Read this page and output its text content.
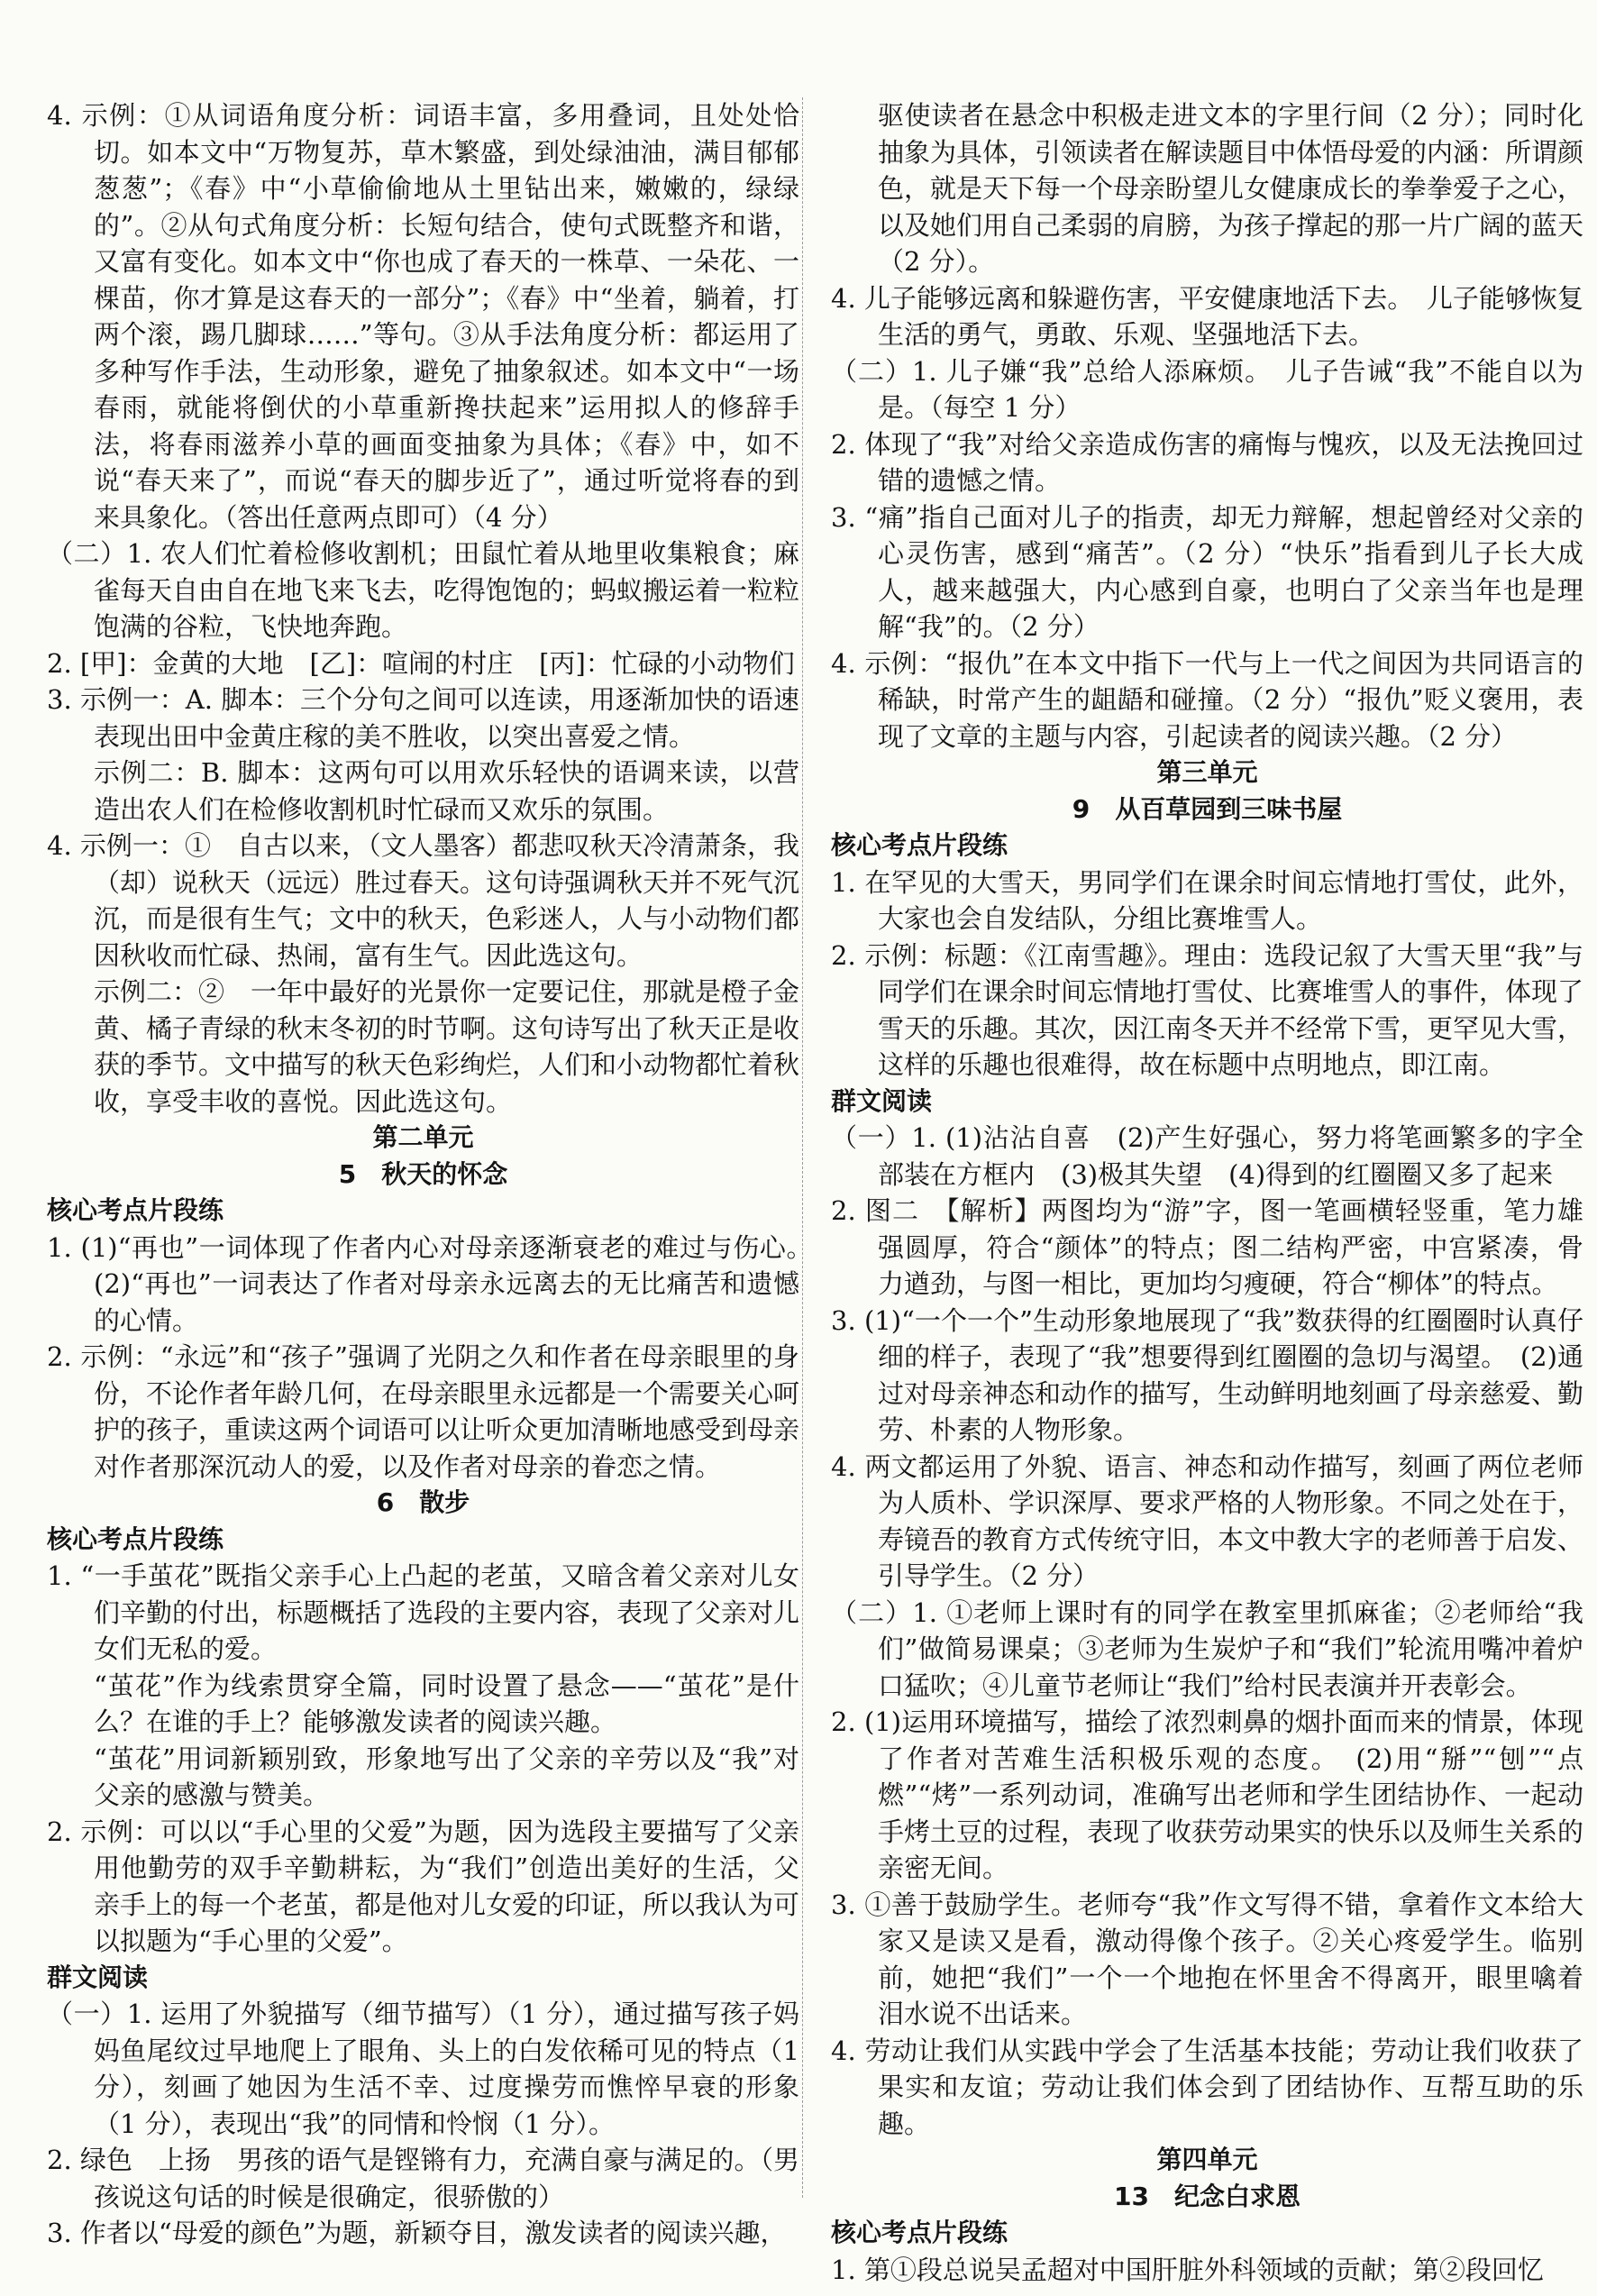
4. 示例：①从词语角度分析：词语丰富，多用叠词，且处处恰切。如本文中“万物复苏，草木繁盛，到处绿油油，满目郁郁葱葱”；《春》中“小草偷偷地从土里钻出来，嫩嫩的，绿绿的”。②从句式角度分析：长短句结合，使句式既整齐和谐，又富有变化。如本文中“你也成了春天的一株草、一朵花、一棵苗，你才算是这春天的一部分”；《春》中“坐着，躺着，打两个滚，踢几脚球……”等句。③从手法角度分析：都运用了多种写作手法，生动形象，避免了抽象叙述。如本文中“一场春雨，就能将倒伏的小草重新搀扶起来”运用拟人的修辞手法，将春雨滋养小草的画面变抽象为具体；《春》中，如不说“春天来了”，而说“春天的脚步近了”，通过听觉将春的到来具象化。（答出任意两点即可）（4 分）

（二）1. 农人们忙着检修收割机；田鼠忙着从地里收集粮食；麻雀每天自由自在地飞来飞去，吃得饱饱的；蚂蚁搬运着一粒粒饱满的谷粒，飞快地奔跑。

2. [甲]：金黄的大地　[乙]：喧闹的村庄　[丙]：忙碌的小动物们

3. 示例一：A. 脚本：三个分句之间可以连读，用逐渐加快的语速表现出田中金黄庄稼的美不胜收，以突出喜爱之情。

示例二：B. 脚本：这两句可以用欢乐轻快的语调来读，以营造出农人们在检修收割机时忙碌而又欢乐的氛围。

4. 示例一：①　自古以来，（文人墨客）都悲叹秋天冷清萧条，我（却）说秋天（远远）胜过春天。这句诗强调秋天并不死气沉沉，而是很有生气；文中的秋天，色彩迷人，人与小动物们都因秋收而忙碌、热闹，富有生气。因此选这句。

示例二：②　一年中最好的光景你一定要记住，那就是橙子金黄、橘子青绿的秋末冬初的时节啊。这句诗写出了秋天正是收获的季节。文中描写的秋天色彩绚烂，人们和小动物都忙着秋收，享受丰收的喜悦。因此选这句。

第二单元

5　秋天的怀念

核心考点片段练

1. (1)“再也”一词体现了作者内心对母亲逐渐衰老的难过与伤心。　(2)“再也”一词表达了作者对母亲永远离去的无比痛苦和遗憾的心情。

2. 示例：“永远”和“孩子”强调了光阴之久和作者在母亲眼里的身份，不论作者年龄几何，在母亲眼里永远都是一个需要关心呵护的孩子，重读这两个词语可以让听众更加清晰地感受到母亲对作者那深沉动人的爱，以及作者对母亲的眷恋之情。

6　散步

核心考点片段练

1. “一手茧花”既指父亲手心上凸起的老茧，又暗含着父亲对儿女们辛勤的付出，标题概括了选段的主要内容，表现了父亲对儿女们无私的爱。

“茧花”作为线索贯穿全篇，同时设置了悬念——“茧花”是什么？在谁的手上？能够激发读者的阅读兴趣。

“茧花”用词新颖别致，形象地写出了父亲的辛劳以及“我”对父亲的感激与赞美。

2. 示例：可以以“手心里的父爱”为题，因为选段主要描写了父亲用他勤劳的双手辛勤耕耘，为“我们”创造出美好的生活，父亲手上的每一个老茧，都是他对儿女爱的印证，所以我认为可以拟题为“手心里的父爱”。

群文阅读

（一）1. 运用了外貌描写（细节描写）（1 分），通过描写孩子妈妈鱼尾纹过早地爬上了眼角、头上的白发依稀可见的特点（1 分），刻画了她因为生活不幸、过度操劳而憔悴早衰的形象（1 分），表现出“我”的同情和怜悯（1 分）。

2. 绿色　上扬　男孩的语气是铿锵有力，充满自豪与满足的。（男孩说这句话的时候是很确定，很骄傲的）

3. 作者以“母爱的颜色”为题，新颖夺目，激发读者的阅读兴趣，

驱使读者在悬念中积极走进文本的字里行间（2 分）；同时化抽象为具体，引领读者在解读题目中体悟母爱的内涵：所谓颜色，就是天下每一个母亲盼望儿女健康成长的拳拳爱子之心，以及她们用自己柔弱的肩膀，为孩子撑起的那一片广阔的蓝天（2 分）。

4. 儿子能够远离和躲避伤害，平安健康地活下去。　儿子能够恢复生活的勇气，勇敢、乐观、坚强地活下去。

（二）1. 儿子嫌“我”总给人添麻烦。　儿子告诫“我”不能自以为是。（每空 1 分）

2. 体现了“我”对给父亲造成伤害的痛悔与愧疚，以及无法挽回过错的遗憾之情。

3. “痛”指自己面对儿子的指责，却无力辩解，想起曾经对父亲的心灵伤害，感到“痛苦”。（2 分）“快乐”指看到儿子长大成人，越来越强大，内心感到自豪，也明白了父亲当年也是理解“我”的。（2 分）

4. 示例：“报仇”在本文中指下一代与上一代之间因为共同语言的稀缺，时常产生的龃龉和碰撞。（2 分）“报仇”贬义褒用，表现了文章的主题与内容，引起读者的阅读兴趣。（2 分）

第三单元

9　从百草园到三味书屋

核心考点片段练

1. 在罕见的大雪天，男同学们在课余时间忘情地打雪仗，此外，大家也会自发结队，分组比赛堆雪人。

2. 示例：标题：《江南雪趣》。理由：选段记叙了大雪天里“我”与同学们在课余时间忘情地打雪仗、比赛堆雪人的事件，体现了雪天的乐趣。其次，因江南冬天并不经常下雪，更罕见大雪，这样的乐趣也很难得，故在标题中点明地点，即江南。

群文阅读

（一）1. (1)沾沾自喜　(2)产生好强心，努力将笔画繁多的字全部装在方框内　(3)极其失望　(4)得到的红圈圈又多了起来

2. 图二　【解析】两图均为“游”字，图一笔画横轻竖重，笔力雄强圆厚，符合“颜体”的特点；图二结构严密，中宫紧凑，骨力遒劲，与图一相比，更加均匀瘦硬，符合“柳体”的特点。

3. (1)“一个一个”生动形象地展现了“我”数获得的红圈圈时认真仔细的样子，表现了“我”想要得到红圈圈的急切与渴望。　(2)通过对母亲神态和动作的描写，生动鲜明地刻画了母亲慈爱、勤劳、朴素的人物形象。

4. 两文都运用了外貌、语言、神态和动作描写，刻画了两位老师为人质朴、学识深厚、要求严格的人物形象。不同之处在于，寿镜吾的教育方式传统守旧，本文中教大字的老师善于启发、引导学生。（2 分）

（二）1. ①老师上课时有的同学在教室里抓麻雀；②老师给“我们”做简易课桌；③老师为生炭炉子和“我们”轮流用嘴冲着炉口猛吹；④儿童节老师让“我们”给村民表演并开表彰会。

2. (1)运用环境描写，描绘了浓烈刺鼻的烟扑面而来的情景，体现了作者对苦难生活积极乐观的态度。　(2)用“掰”“刨”“点燃”“烤”一系列动词，准确写出老师和学生团结协作、一起动手烤土豆的过程，表现了收获劳动果实的快乐以及师生关系的亲密无间。

3. ①善于鼓励学生。老师夸“我”作文写得不错，拿着作文本给大家又是读又是看，激动得像个孩子。②关心疼爱学生。临别前，她把“我们”一个一个地抱在怀里舍不得离开，眼里噙着泪水说不出话来。

4. 劳动让我们从实践中学会了生活基本技能；劳动让我们收获了果实和友谊；劳动让我们体会到了团结协作、互帮互助的乐趣。

第四单元

13　纪念白求恩

核心考点片段练

1. 第①段总说吴孟超对中国肝脏外科领域的贡献；第②段回忆
